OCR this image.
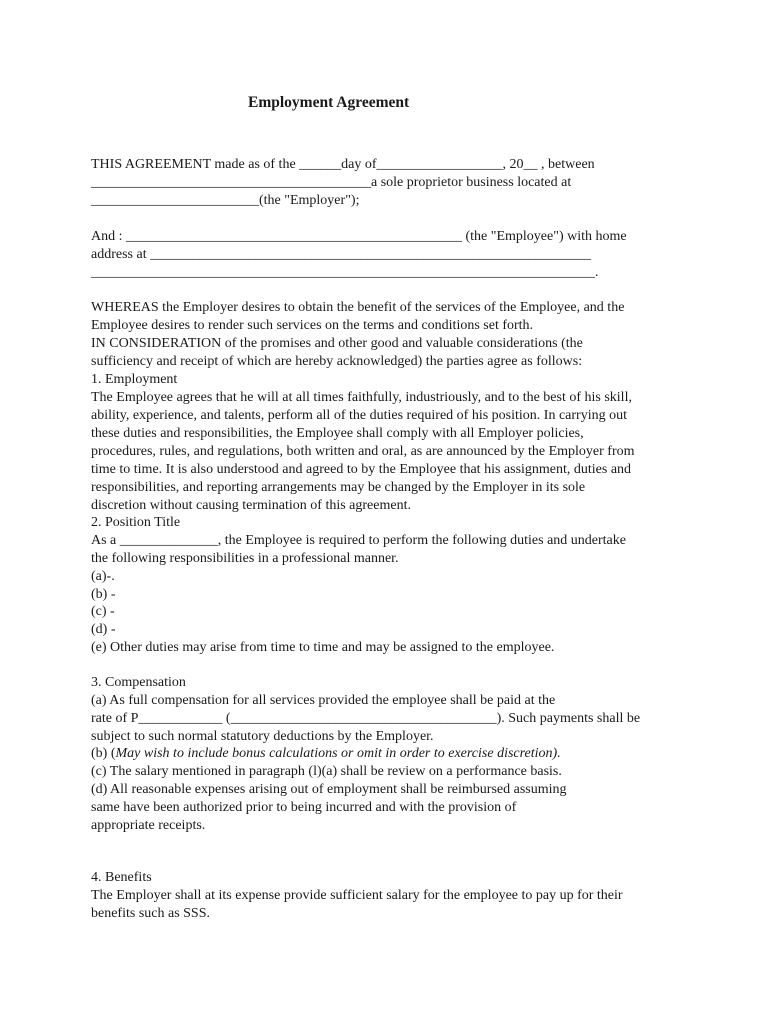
Employment Agreement
THIS AGREEMENT made as of the ______day of__________________, 20__ , between
________________________________________a sole proprietor business located at
________________________(the "Employer");
And : ________________________________________________ (the "Employee") with home
address at _______________________________________________________________
________________________________________________________________________.
WHEREAS the Employer desires to obtain the benefit of the services of the Employee, and the
Employee desires to render such services on the terms and conditions set forth.
IN CONSIDERATION of the promises and other good and valuable considerations (the
sufficiency and receipt of which are hereby acknowledged) the parties agree as follows:
1. Employment
The Employee agrees that he will at all times faithfully, industriously, and to the best of his skill,
ability, experience, and talents, perform all of the duties required of his position. In carrying out
these duties and responsibilities, the Employee shall comply with all Employer policies,
procedures, rules, and regulations, both written and oral, as are announced by the Employer from
time to time. It is also understood and agreed to by the Employee that his assignment, duties and
responsibilities, and reporting arrangements may be changed by the Employer in its sole
discretion without causing termination of this agreement.
2. Position Title
As a ______________, the Employee is required to perform the following duties and undertake
the following responsibilities in a professional manner.
(a)-.
(b) -
(c) -
(d) -
(e) Other duties may arise from time to time and may be assigned to the employee.
3. Compensation
(a) As full compensation for all services provided the employee shall be paid at the
rate of P____________ (______________________________________). Such payments shall be
subject to such normal statutory deductions by the Employer.
(b) (May wish to include bonus calculations or omit in order to exercise discretion).
(c) The salary mentioned in paragraph (l)(a) shall be review on a performance basis.
(d) All reasonable expenses arising out of employment shall be reimbursed assuming
same have been authorized prior to being incurred and with the provision of
appropriate receipts.
4. Benefits
The Employer shall at its expense provide sufficient salary for the employee to pay up for their
benefits such as SSS.
